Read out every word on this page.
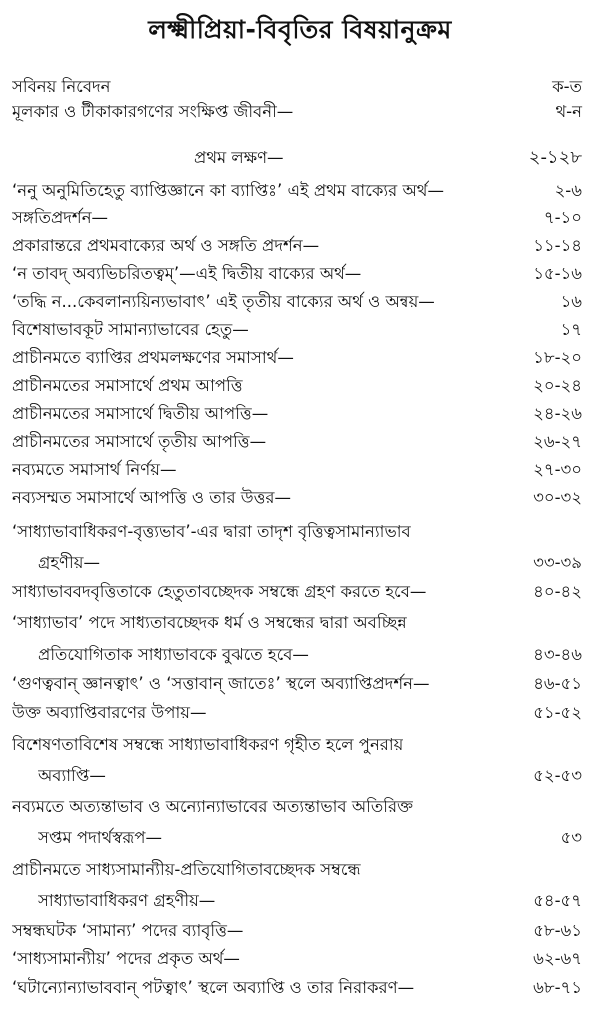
লক্ষ্মীপ্রিয়া-বিবৃতির বিষয়ানুক্রম
সবিনয় নিবেদন	ক-ত
মূলকার ও টীকাকারগণের সংক্ষিপ্ত জীবনী—	থ-ন
প্রথম লক্ষণ—	২-১২৮
‘ননু অনুমিতিহেতু ব্যাপ্তিজ্ঞানে কা ব্যাপ্তিঃ’ এই প্রথম বাক্যের অর্থ—	২-৬
সঙ্গতিপ্রদর্শন—	৭-১০
প্রকারান্তরে প্রথমবাক্যের অর্থ ও সঙ্গতি প্রদর্শন—	১১-১৪
‘ন তাবদ্ অব্যভিচরিতত্বম্’—এই দ্বিতীয় বাক্যের অর্থ—	১৫-১৬
‘তদ্ধি ন...কেবলান্যয়িন্যভাবাৎ’ এই তৃতীয় বাক্যের অর্থ ও অন্বয়—	১৬
বিশেষাভাবকূট সামান্যাভাবের হেতু—	১৭
প্রাচীনমতে ব্যাপ্তির প্রথমলক্ষণের সমাসার্থ—	১৮-২০
প্রাচীনমতের সমাসার্থে প্রথম আপত্তি	২০-২৪
প্রাচীনমতের সমাসার্থে দ্বিতীয় আপত্তি—	২৪-২৬
প্রাচীনমতের সমাসার্থে তৃতীয় আপত্তি—	২৬-২৭
নব্যমতে সমাসার্থ নির্ণয়—	২৭-৩০
নব্যসম্মত সমাসার্থে আপত্তি ও তার উত্তর—	৩০-৩২
‘সাধ্যাভাবাধিকরণ-বৃত্ত্যভাব’-এর দ্বারা তাদৃশ বৃত্তিত্বসামান্যাভাব
গ্রহণীয়—	৩৩-৩৯
সাধ্যাভাববদবৃত্তিতাকে হেতুতাবচ্ছেদক সম্বন্ধে গ্রহণ করতে হবে—	৪০-৪২
‘সাধ্যাভাব’ পদে সাধ্যতাবচ্ছেদক ধর্ম ও সম্বন্ধের দ্বারা অবচ্ছিন্ন
প্রতিযোগিতাক সাধ্যাভাবকে বুঝতে হবে—	৪৩-৪৬
‘গুণত্ববান্ জ্ঞানত্বাৎ’ ও ‘সত্তাবান্ জাতেঃ’ স্থলে অব্যাপ্তিপ্রদর্শন—	৪৬-৫১
উক্ত অব্যাপ্তিবারণের উপায়—	৫১-৫২
বিশেষণতাবিশেষ সম্বন্ধে সাধ্যাভাবাধিকরণ গৃহীত হলে পুনরায়
অব্যাপ্তি—	৫২-৫৩
নব্যমতে অত্যন্তাভাব ও অন্যোন্যাভাবের অত্যন্তাভাব অতিরিক্ত
সপ্তম পদার্থস্বরূপ—	৫৩
প্রাচীনমতে সাধ্যসামান্যীয়-প্রতিযোগিতাবচ্ছেদক সম্বন্ধে
সাধ্যাভাবাধিকরণ গ্রহণীয়—	৫৪-৫৭
সম্বন্ধঘটক ‘সামান্য’ পদের ব্যাবৃত্তি—	৫৮-৬১
‘সাধ্যসামান্যীয়’ পদের প্রকৃত অর্থ—	৬২-৬৭
‘ঘটান্যোন্যাভাববান্ পটত্বাৎ’ স্থলে অব্যাপ্তি ও তার নিরাকরণ—	৬৮-৭১
